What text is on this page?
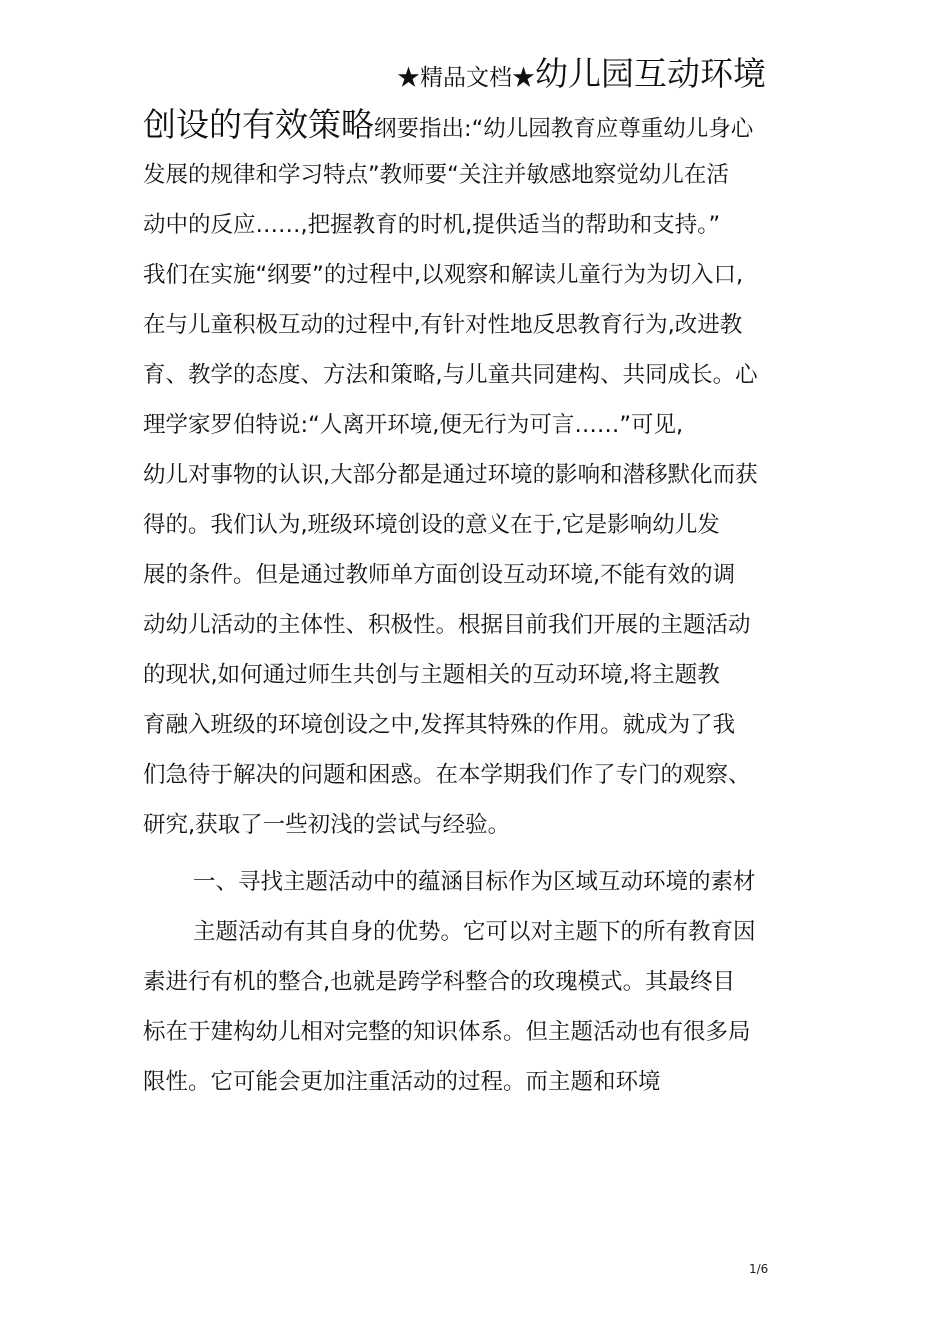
★精品文档★幼儿园互动环境
创设的有效策略纲要指出:“幼儿园教育应尊重幼儿身心
发展的规律和学习特点”教师要“关注并敏感地察觉幼儿在活
动中的反应……,把握教育的时机,提供适当的帮助和支持。”
我们在实施“纲要”的过程中,以观察和解读儿童行为为切入口,
在与儿童积极互动的过程中,有针对性地反思教育行为,改进教
育、教学的态度、方法和策略,与儿童共同建构、共同成长。心
理学家罗伯特说:“人离开环境,便无行为可言……”可见,
幼儿对事物的认识,大部分都是通过环境的影响和潜移默化而获
得的。我们认为,班级环境创设的意义在于,它是影响幼儿发
展的条件。但是通过教师单方面创设互动环境,不能有效的调
动幼儿活动的主体性、积极性。根据目前我们开展的主题活动
的现状,如何通过师生共创与主题相关的互动环境,将主题教
育融入班级的环境创设之中,发挥其特殊的作用。就成为了我
们急待于解决的问题和困惑。在本学期我们作了专门的观察、
研究,获取了一些初浅的尝试与经验。
一、寻找主题活动中的蕴涵目标作为区域互动环境的素材
主题活动有其自身的优势。它可以对主题下的所有教育因
素进行有机的整合,也就是跨学科整合的玫瑰模式。其最终目
标在于建构幼儿相对完整的知识体系。但主题活动也有很多局
限性。它可能会更加注重活动的过程。而主题和环境
1/6
